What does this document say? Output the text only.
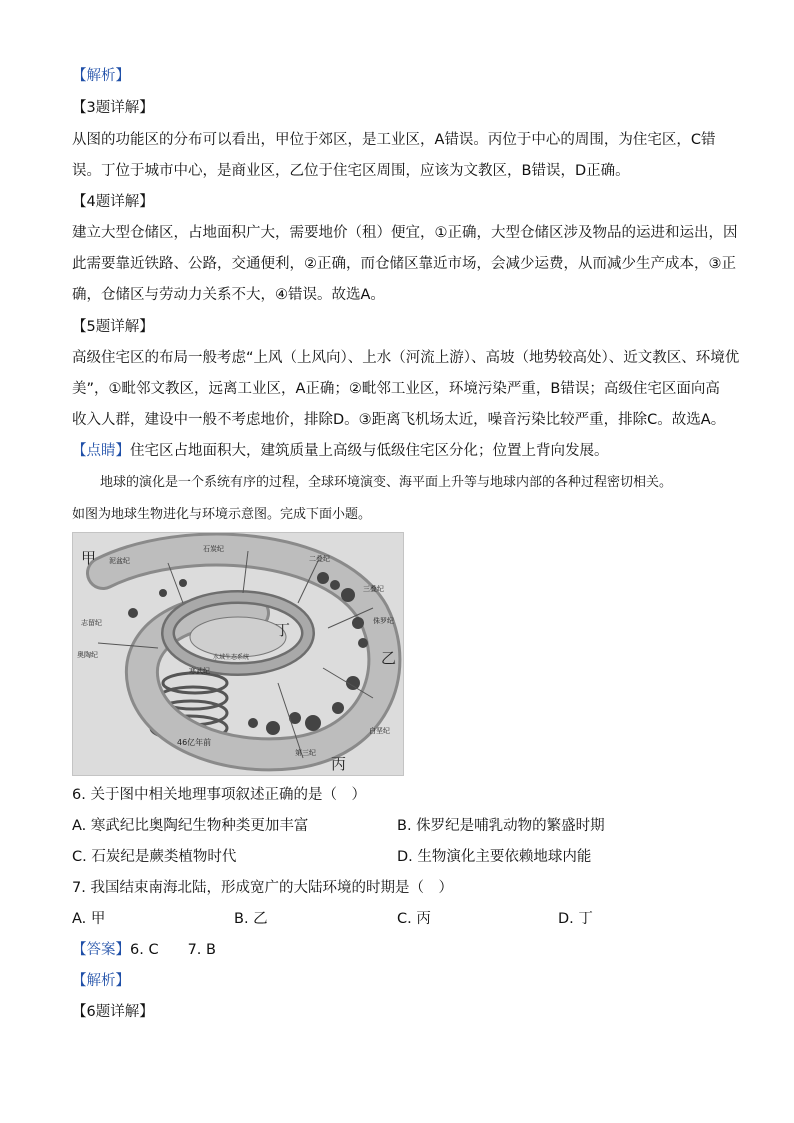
【解析】
【3题详解】
从图的功能区的分布可以看出，甲位于郊区，是工业区，A错误。丙位于中心的周围，为住宅区，C错
误。丁位于城市中心，是商业区，乙位于住宅区周围，应该为文教区，B错误，D正确。
【4题详解】
建立大型仓储区，占地面积广大，需要地价（租）便宜，①正确，大型仓储区涉及物品的运进和运出，因
此需要靠近铁路、公路，交通便利，②正确，而仓储区靠近市场，会减少运费，从而减少生产成本，③正
确，仓储区与劳动力关系不大，④错误。故选A。
【5题详解】
高级住宅区的布局一般考虑“上风（上风向）、上水（河流上游）、高坡（地势较高处）、近文教区、环境优
美”，①毗邻文教区，远离工业区，A正确；②毗邻工业区，环境污染严重，B错误；高级住宅区面向高
收入人群，建设中一般不考虑地价，排除D。③距离飞机场太近，噪音污染比较严重，排除C。故选A。
【点睛】住宅区占地面积大，建筑质量上高级与低级住宅区分化；位置上背向发展。
地球的演化是一个系统有序的过程，全球环境演变、海平面上升等与地球内部的各种过程密切相关。
如图为地球生物进化与环境示意图。完成下面小题。
甲
乙
丙
丁
46亿年前
石炭纪
二叠纪
三叠纪
侏罗纪
白垩纪
第三纪
志留纪
奥陶纪
寒武纪
泥盆纪
水域生态系统
6. 关于图中相关地理事项叙述正确的是（　）
A. 寒武纪比奥陶纪生物种类更加丰富	B. 侏罗纪是哺乳动物的繁盛时期
C. 石炭纪是蕨类植物时代	D. 生物演化主要依赖地球内能
7. 我国结束南海北陆，形成宽广的大陆环境的时期是（　）
A. 甲	B. 乙	C. 丙	D. 丁
【答案】6. C　　7. B
【解析】
【6题详解】
